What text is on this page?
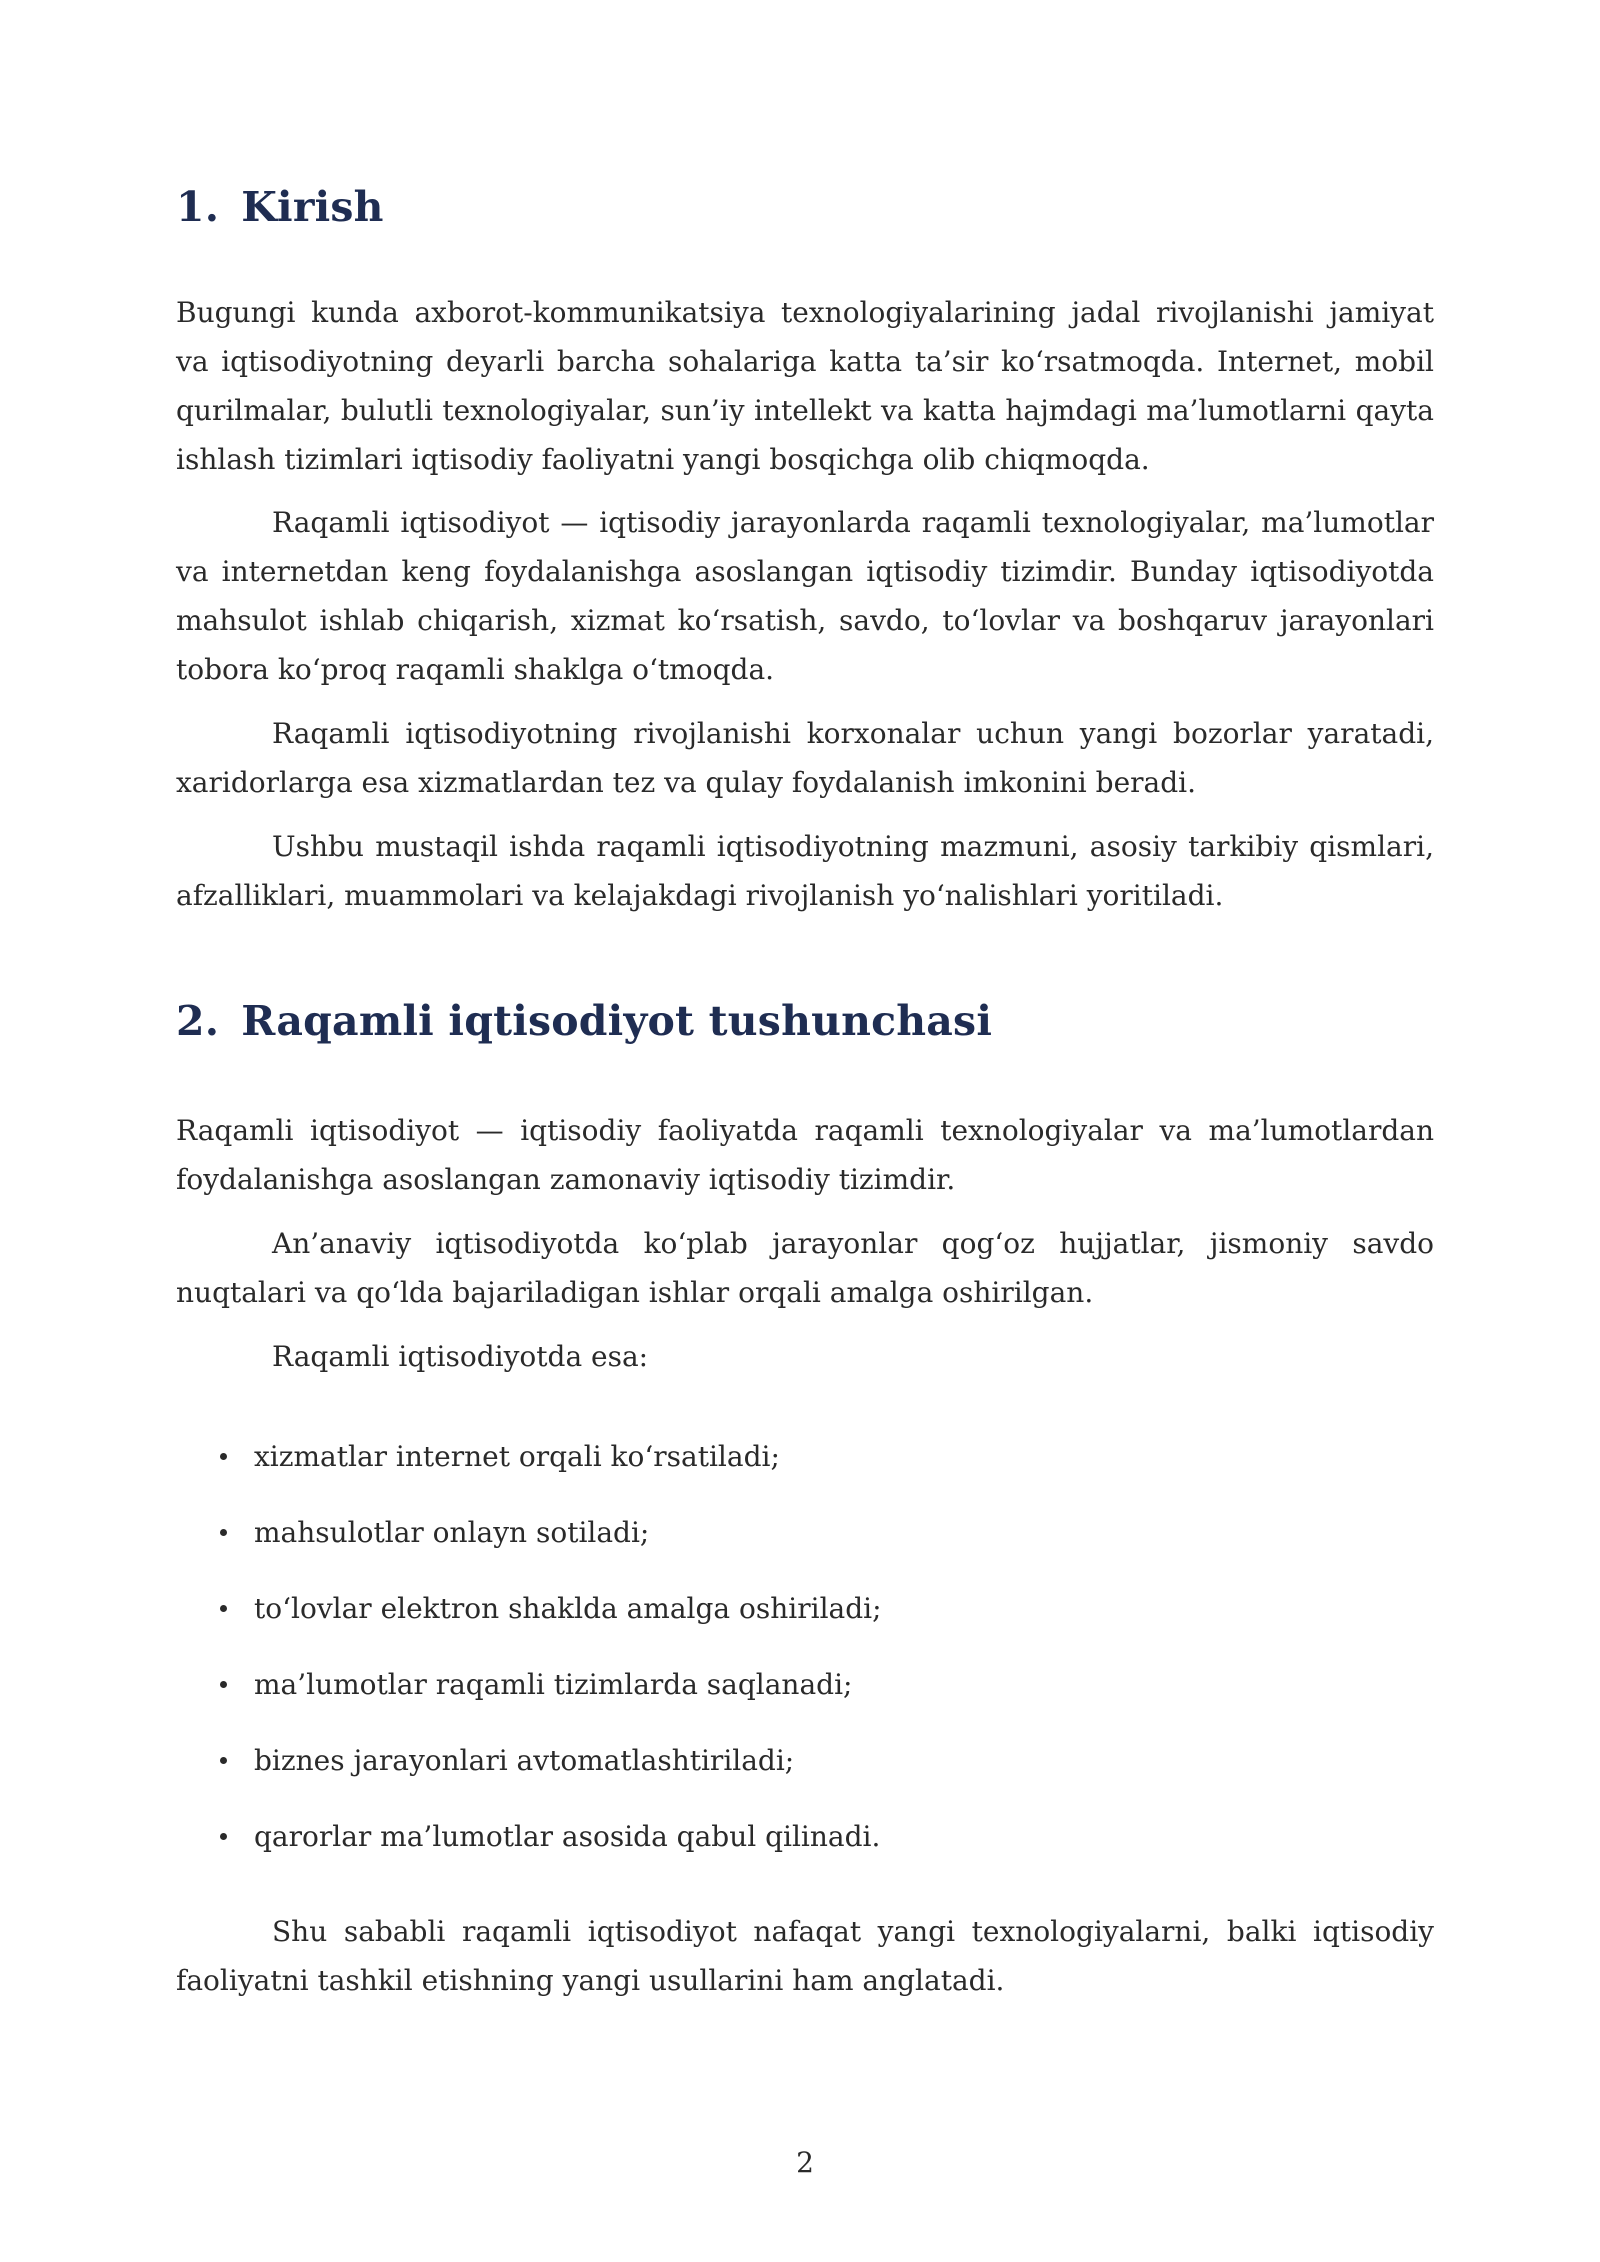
1. Kirish

Bugungi kunda axborot-kommunikatsiya texnologiyalarining jadal rivojlanishi jamiyat va iqtisodiyotning deyarli barcha sohalariga katta ta’sir ko‘rsatmoqda. Internet, mobil qurilmalar, bulutli texnologiyalar, sun’iy intellekt va katta hajmdagi ma’lumotlarni qayta ishlash tizimlari iqtisodiy faoliyatni yangi bosqichga olib chiqmoqda.

Raqamli iqtisodiyot — iqtisodiy jarayonlarda raqamli texnologiyalar, ma’lumotlar va internetdan keng foydalanishga asoslangan iqtisodiy tizimdir. Bunday iqtisodiyotda mahsulot ishlab chiqarish, xizmat ko‘rsatish, savdo, to‘lovlar va boshqaruv jarayonlari tobora ko‘proq raqamli shaklga o‘tmoqda.

Raqamli iqtisodiyotning rivojlanishi korxonalar uchun yangi bozorlar yaratadi, xaridorlarga esa xizmatlardan tez va qulay foydalanish imkonini beradi.

Ushbu mustaqil ishda raqamli iqtisodiyotning mazmuni, asosiy tarkibiy qismlari, afzalliklari, muammolari va kelajakdagi rivojlanish yo‘nalishlari yoritiladi.

2. Raqamli iqtisodiyot tushunchasi

Raqamli iqtisodiyot — iqtisodiy faoliyatda raqamli texnologiyalar va ma’lumotlardan foydalanishga asoslangan zamonaviy iqtisodiy tizimdir.

An’anaviy iqtisodiyotda ko‘plab jarayonlar qog‘oz hujjatlar, jismoniy savdo nuqtalari va qo‘lda bajariladigan ishlar orqali amalga oshirilgan.

Raqamli iqtisodiyotda esa:

xizmatlar internet orqali ko‘rsatiladi;
mahsulotlar onlayn sotiladi;
to‘lovlar elektron shaklda amalga oshiriladi;
ma’lumotlar raqamli tizimlarda saqlanadi;
biznes jarayonlari avtomatlashtiriladi;
qarorlar ma’lumotlar asosida qabul qilinadi.

Shu sababli raqamli iqtisodiyot nafaqat yangi texnologiyalarni, balki iqtisodiy faoliyatni tashkil etishning yangi usullarini ham anglatadi.

2
